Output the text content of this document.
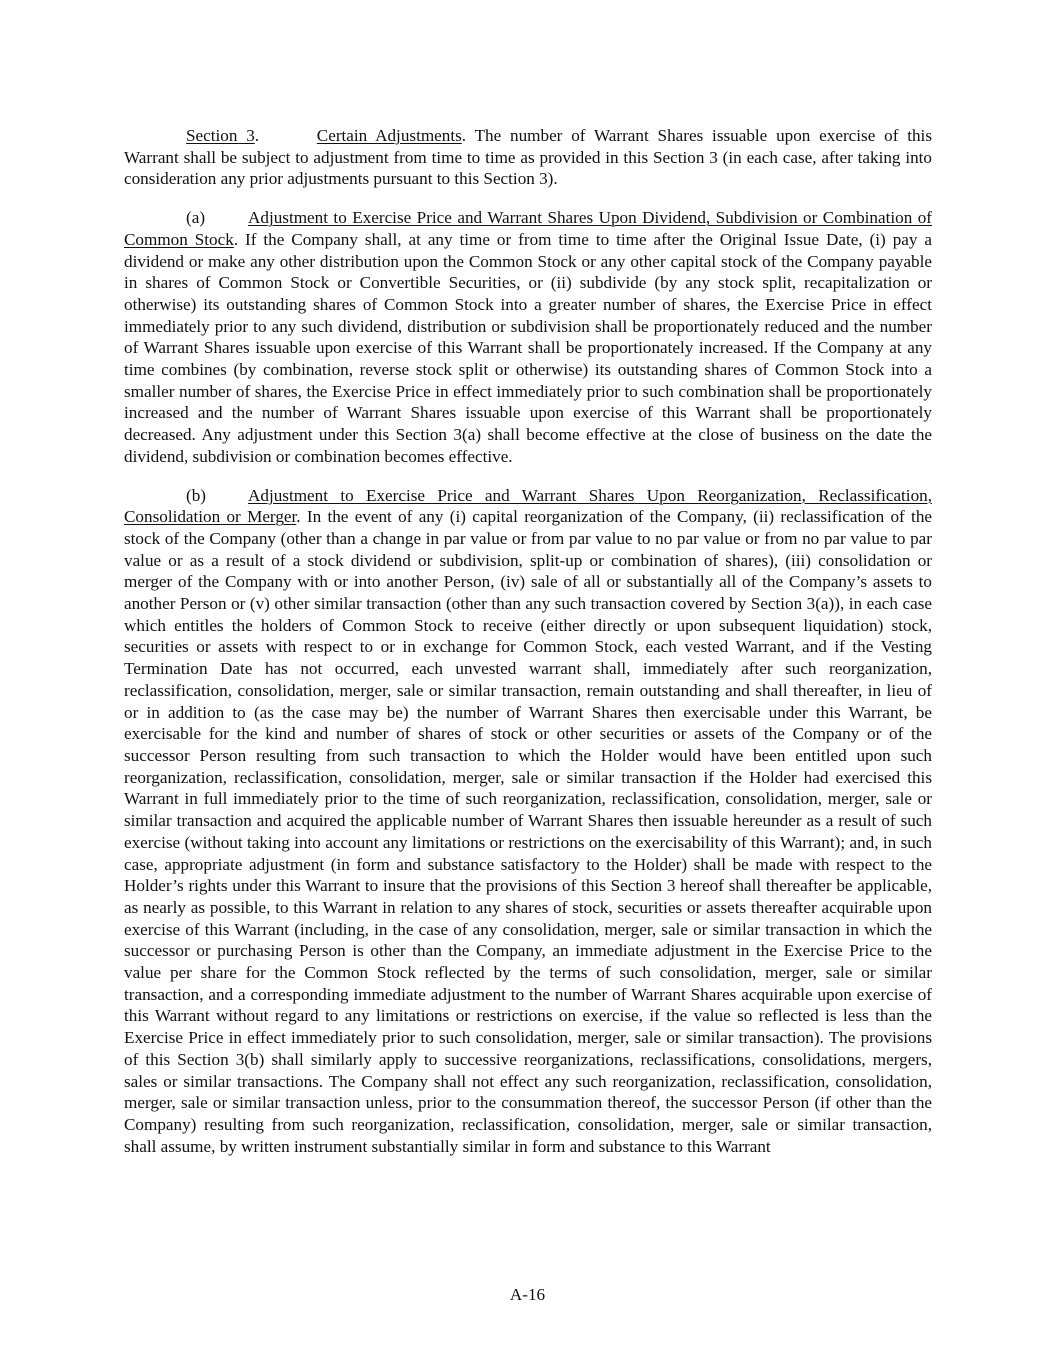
Section 3.	Certain Adjustments. The number of Warrant Shares issuable upon exercise of this Warrant shall be subject to adjustment from time to time as provided in this Section 3 (in each case, after taking into consideration any prior adjustments pursuant to this Section 3).

(a)	Adjustment to Exercise Price and Warrant Shares Upon Dividend, Subdivision or Combination of Common Stock. If the Company shall, at any time or from time to time after the Original Issue Date, (i) pay a dividend or make any other distribution upon the Common Stock or any other capital stock of the Company payable in shares of Common Stock or Convertible Securities, or (ii) subdivide (by any stock split, recapitalization or otherwise) its outstanding shares of Common Stock into a greater number of shares, the Exercise Price in effect immediately prior to any such dividend, distribution or subdivision shall be proportionately reduced and the number of Warrant Shares issuable upon exercise of this Warrant shall be proportionately increased. If the Company at any time combines (by combination, reverse stock split or otherwise) its outstanding shares of Common Stock into a smaller number of shares, the Exercise Price in effect immediately prior to such combination shall be proportionately increased and the number of Warrant Shares issuable upon exercise of this Warrant shall be proportionately decreased. Any adjustment under this Section 3(a) shall become effective at the close of business on the date the dividend, subdivision or combination becomes effective.

(b) Adjustment to Exercise Price and Warrant Shares Upon Reorganization, Reclassification, Consolidation or Merger. In the event of any (i) capital reorganization of the Company, (ii) reclassification of the stock of the Company (other than a change in par value or from par value to no par value or from no par value to par value or as a result of a stock dividend or subdivision, split-up or combination of shares), (iii) consolidation or merger of the Company with or into another Person, (iv) sale of all or substantially all of the Company’s assets to another Person or (v) other similar transaction (other than any such transaction covered by Section 3(a)), in each case which entitles the holders of Common Stock to receive (either directly or upon subsequent liquidation) stock, securities or assets with respect to or in exchange for Common Stock, each vested Warrant, and if the Vesting Termination Date has not occurred, each unvested warrant shall, immediately after such reorganization, reclassification, consolidation, merger, sale or similar transaction, remain outstanding and shall thereafter, in lieu of or in addition to (as the case may be) the number of Warrant Shares then exercisable under this Warrant, be exercisable for the kind and number of shares of stock or other securities or assets of the Company or of the successor Person resulting from such transaction to which the Holder would have been entitled upon such reorganization, reclassification, consolidation, merger, sale or similar transaction if the Holder had exercised this Warrant in full immediately prior to the time of such reorganization, reclassification, consolidation, merger, sale or similar transaction and acquired the applicable number of Warrant Shares then issuable hereunder as a result of such exercise (without taking into account any limitations or restrictions on the exercisability of this Warrant); and, in such case, appropriate adjustment (in form and substance satisfactory to the Holder) shall be made with respect to the Holder’s rights under this Warrant to insure that the provisions of this Section 3 hereof shall thereafter be applicable, as nearly as possible, to this Warrant in relation to any shares of stock, securities or assets thereafter acquirable upon exercise of this Warrant (including, in the case of any consolidation, merger, sale or similar transaction in which the successor or purchasing Person is other than the Company, an immediate adjustment in the Exercise Price to the value per share for the Common Stock reflected by the terms of such consolidation, merger, sale or similar transaction, and a corresponding immediate adjustment to the number of Warrant Shares acquirable upon exercise of this Warrant without regard to any limitations or restrictions on exercise, if the value so reflected is less than the Exercise Price in effect immediately prior to such consolidation, merger, sale or similar transaction). The provisions of this Section 3(b) shall similarly apply to successive reorganizations, reclassifications, consolidations, mergers, sales or similar transactions. The Company shall not effect any such reorganization, reclassification, consolidation, merger, sale or similar transaction unless, prior to the consummation thereof, the successor Person (if other than the Company) resulting from such reorganization, reclassification, consolidation, merger, sale or similar transaction, shall assume, by written instrument substantially similar in form and substance to this Warrant

A-16
